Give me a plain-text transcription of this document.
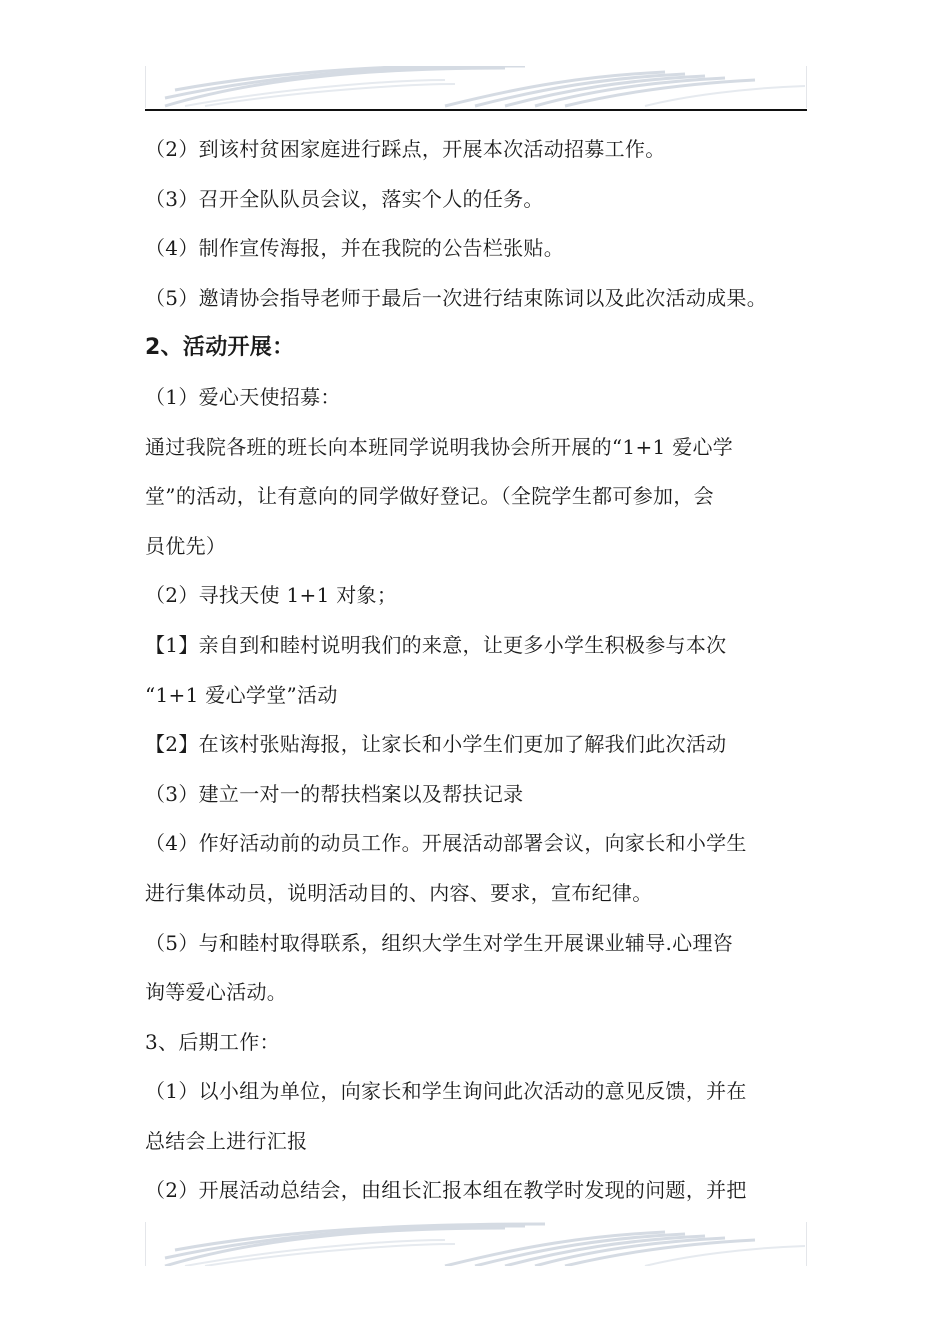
（2）到该村贫困家庭进行踩点，开展本次活动招募工作。
（3）召开全队队员会议，落实个人的任务。
（4）制作宣传海报，并在我院的公告栏张贴。
（5）邀请协会指导老师于最后一次进行结束陈词以及此次活动成果。
2、活动开展：
（1）爱心天使招募：
通过我院各班的班长向本班同学说明我协会所开展的“1+1 爱心学
堂”的活动，让有意向的同学做好登记。（全院学生都可参加，会
员优先）
（2）寻找天使 1+1 对象；
【1】亲自到和睦村说明我们的来意，让更多小学生积极参与本次
“1+1 爱心学堂”活动
【2】在该村张贴海报，让家长和小学生们更加了解我们此次活动
（3）建立一对一的帮扶档案以及帮扶记录
（4）作好活动前的动员工作。开展活动部署会议，向家长和小学生
进行集体动员，说明活动目的、内容、要求，宣布纪律。
（5）与和睦村取得联系，组织大学生对学生开展课业辅导.心理咨
询等爱心活动。
3、后期工作：
（1）以小组为单位，向家长和学生询问此次活动的意见反馈，并在
总结会上进行汇报
（2）开展活动总结会，由组长汇报本组在教学时发现的问题，并把
